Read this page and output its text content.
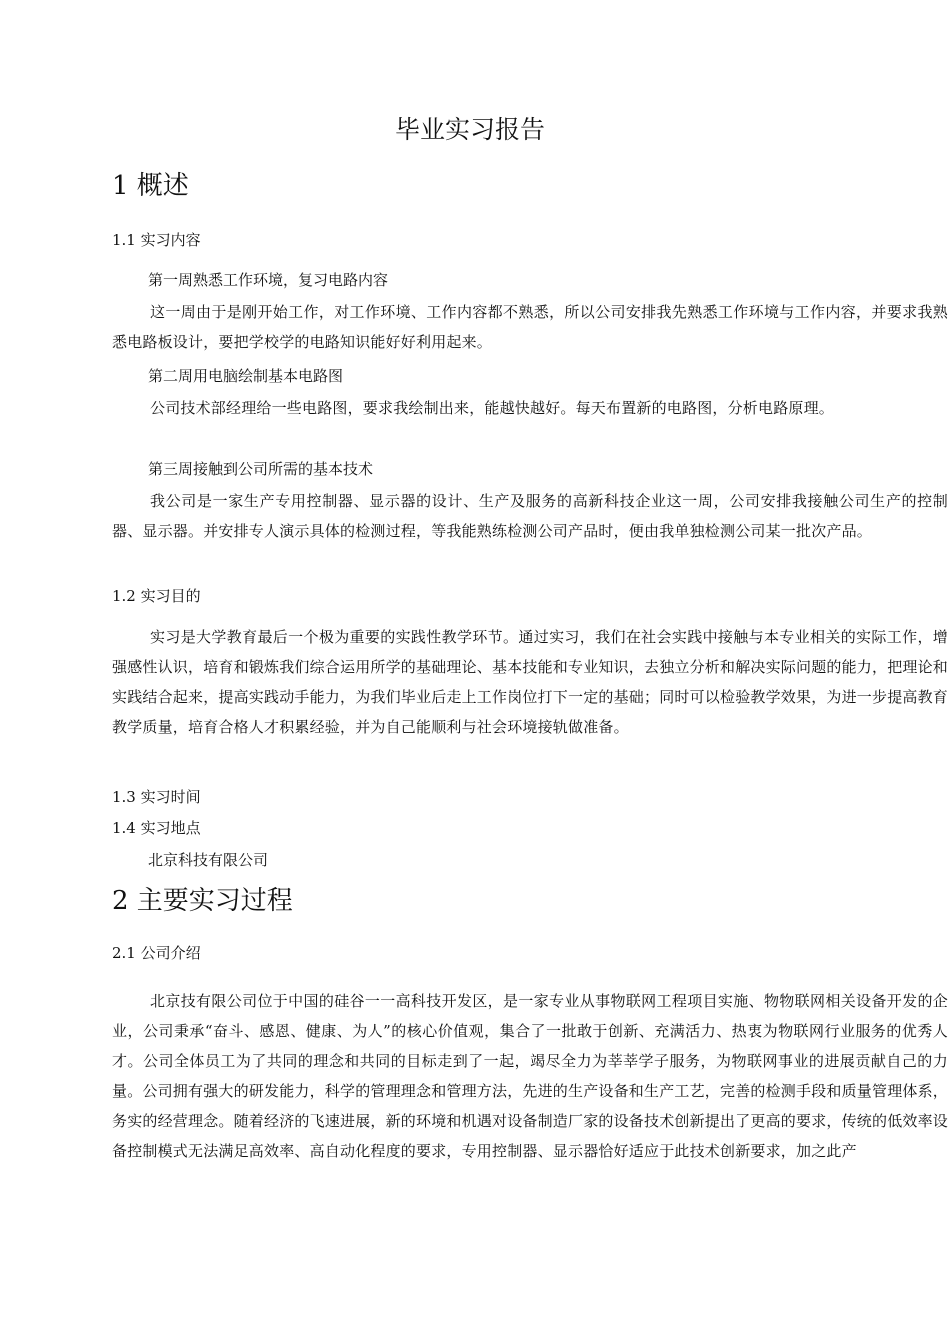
毕业实习报告
1 概述
1.1 实习内容
第一周熟悉工作环境，复习电路内容
这一周由于是刚开始工作，对工作环境、工作内容都不熟悉，所以公司安排我先熟悉工作环境与工作内容，并要求我熟悉电路板设计，要把学校学的电路知识能好好利用起来。
第二周用电脑绘制基本电路图
公司技术部经理给一些电路图，要求我绘制出来，能越快越好。每天布置新的电路图，分析电路原理。
第三周接触到公司所需的基本技术
我公司是一家生产专用控制器、显示器的设计、生产及服务的高新科技企业这一周，公司安排我接触公司生产的控制器、显示器。并安排专人演示具体的检测过程，等我能熟练检测公司产品时，便由我单独检测公司某一批次产品。
1.2 实习目的
实习是大学教育最后一个极为重要的实践性教学环节。通过实习，我们在社会实践中接触与本专业相关的实际工作，增强感性认识，培育和锻炼我们综合运用所学的基础理论、基本技能和专业知识，去独立分析和解决实际问题的能力，把理论和实践结合起来，提高实践动手能力，为我们毕业后走上工作岗位打下一定的基础；同时可以检验教学效果，为进一步提高教育教学质量，培育合格人才积累经验，并为自己能顺利与社会环境接轨做准备。
1.3 实习时间
1.4 实习地点
北京科技有限公司
2 主要实习过程
2.1 公司介绍
北京技有限公司位于中国的硅谷一一高科技开发区，是一家专业从事物联网工程项目实施、物物联网相关设备开发的企业，公司秉承“奋斗、感恩、健康、为人”的核心价值观，集合了一批敢于创新、充满活力、热衷为物联网行业服务的优秀人才。公司全体员工为了共同的理念和共同的目标走到了一起，竭尽全力为莘莘学子服务，为物联网事业的进展贡献自己的力量。公司拥有强大的研发能力，科学的管理理念和管理方法，先进的生产设备和生产工艺，完善的检测手段和质量管理体系，务实的经营理念。随着经济的飞速进展，新的环境和机遇对设备制造厂家的设备技术创新提出了更高的要求，传统的低效率设备控制模式无法满足高效率、高自动化程度的要求，专用控制器、显示器恰好适应于此技术创新要求，加之此产
